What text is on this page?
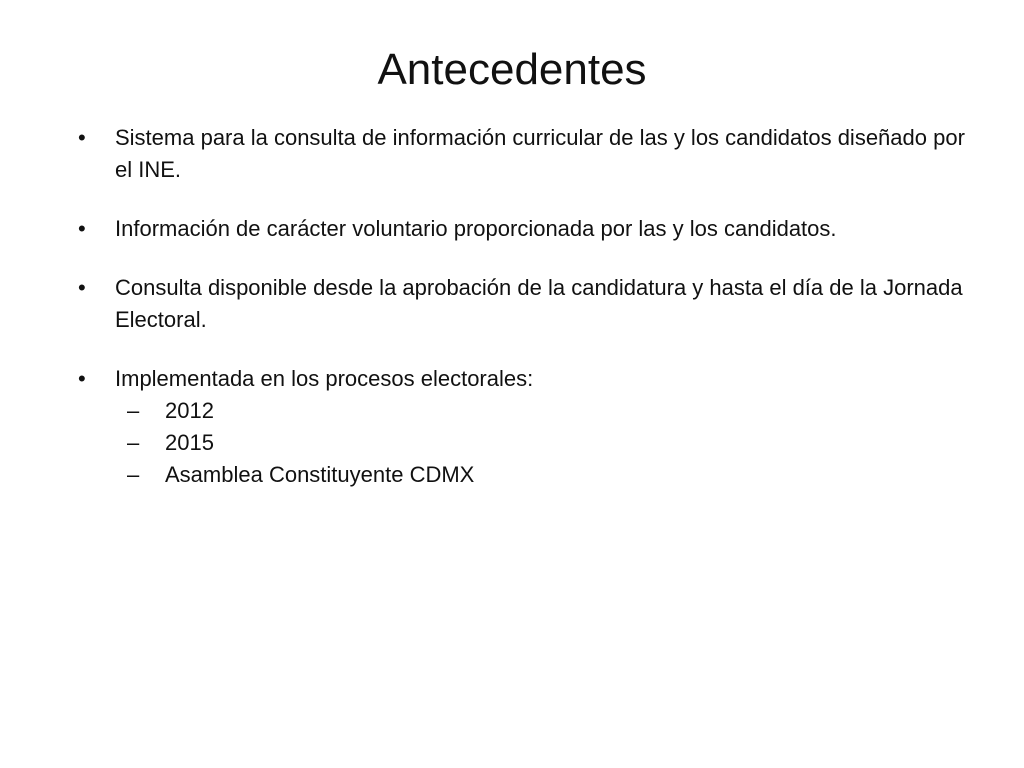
Antecedentes
• Sistema para la consulta de información curricular de las y los candidatos diseñado por el INE.
• Información de carácter voluntario proporcionada por las y los candidatos.
• Consulta disponible desde la aprobación de la candidatura y hasta el día de la Jornada Electoral.
• Implementada en los procesos electorales:
– 2012
– 2015
– Asamblea Constituyente CDMX
